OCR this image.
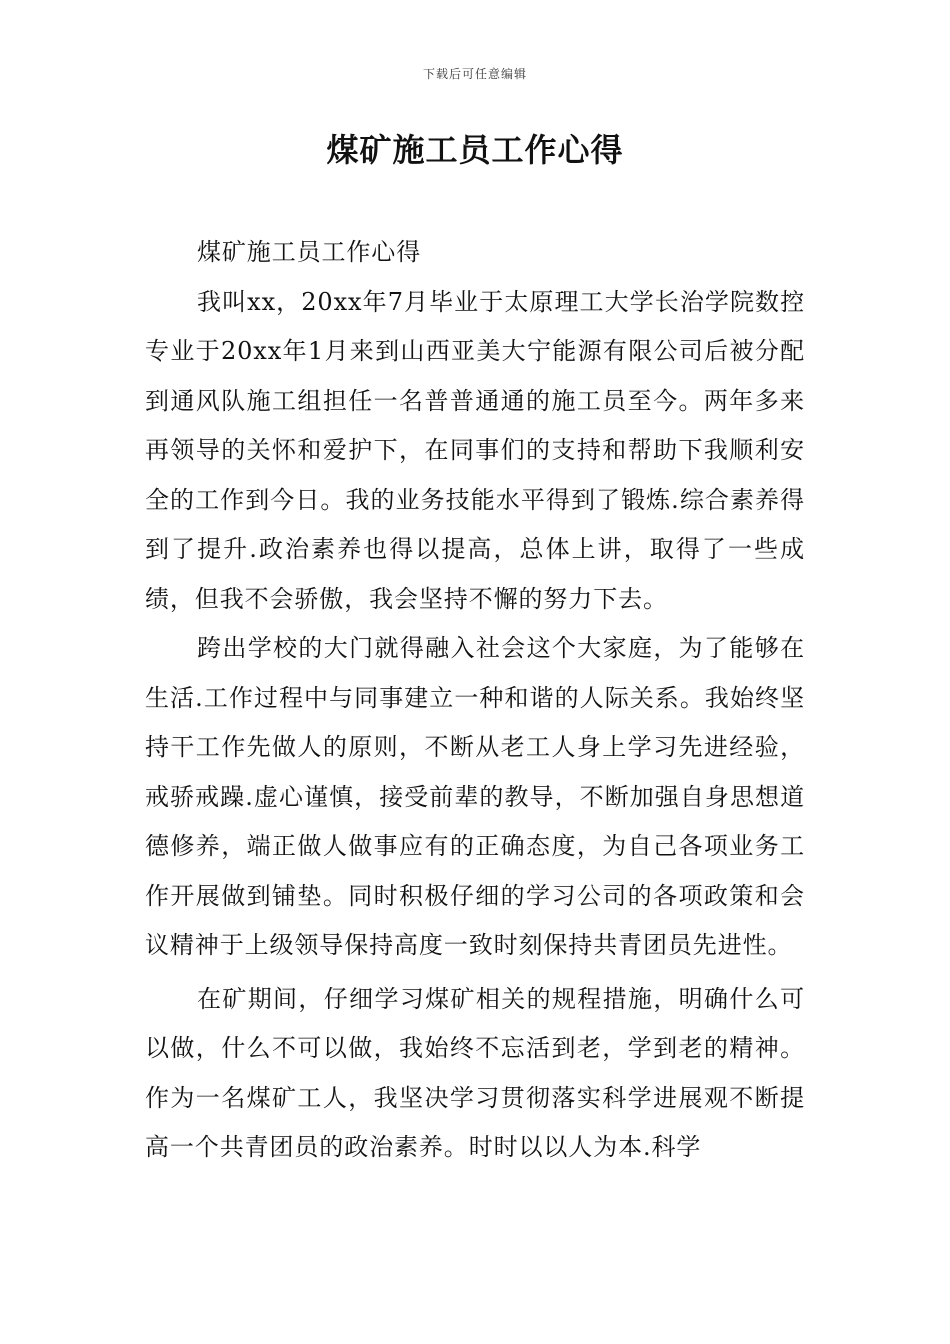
下载后可任意编辑
煤矿施工员工作心得

煤矿施工员工作心得

我叫xx，20xx年7月毕业于太原理工大学长治学院数控专业于20xx年1月来到山西亚美大宁能源有限公司后被分配到通风队施工组担任一名普普通通的施工员至今。两年多来再领导的关怀和爱护下，在同事们的支持和帮助下我顺利安全的工作到今日。我的业务技能水平得到了锻炼.综合素养得到了提升.政治素养也得以提高，总体上讲，取得了一些成绩，但我不会骄傲，我会坚持不懈的努力下去。

跨出学校的大门就得融入社会这个大家庭，为了能够在生活.工作过程中与同事建立一种和谐的人际关系。我始终坚持干工作先做人的原则，不断从老工人身上学习先进经验，戒骄戒躁.虚心谨慎，接受前辈的教导，不断加强自身思想道德修养，端正做人做事应有的正确态度，为自己各项业务工作开展做到铺垫。同时积极仔细的学习公司的各项政策和会议精神于上级领导保持高度一致时刻保持共青团员先进性。

在矿期间，仔细学习煤矿相关的规程措施，明确什么可以做，什么不可以做，我始终不忘活到老，学到老的精神。作为一名煤矿工人，我坚决学习贯彻落实科学进展观不断提高一个共青团员的政治素养。时时以以人为本.科学
